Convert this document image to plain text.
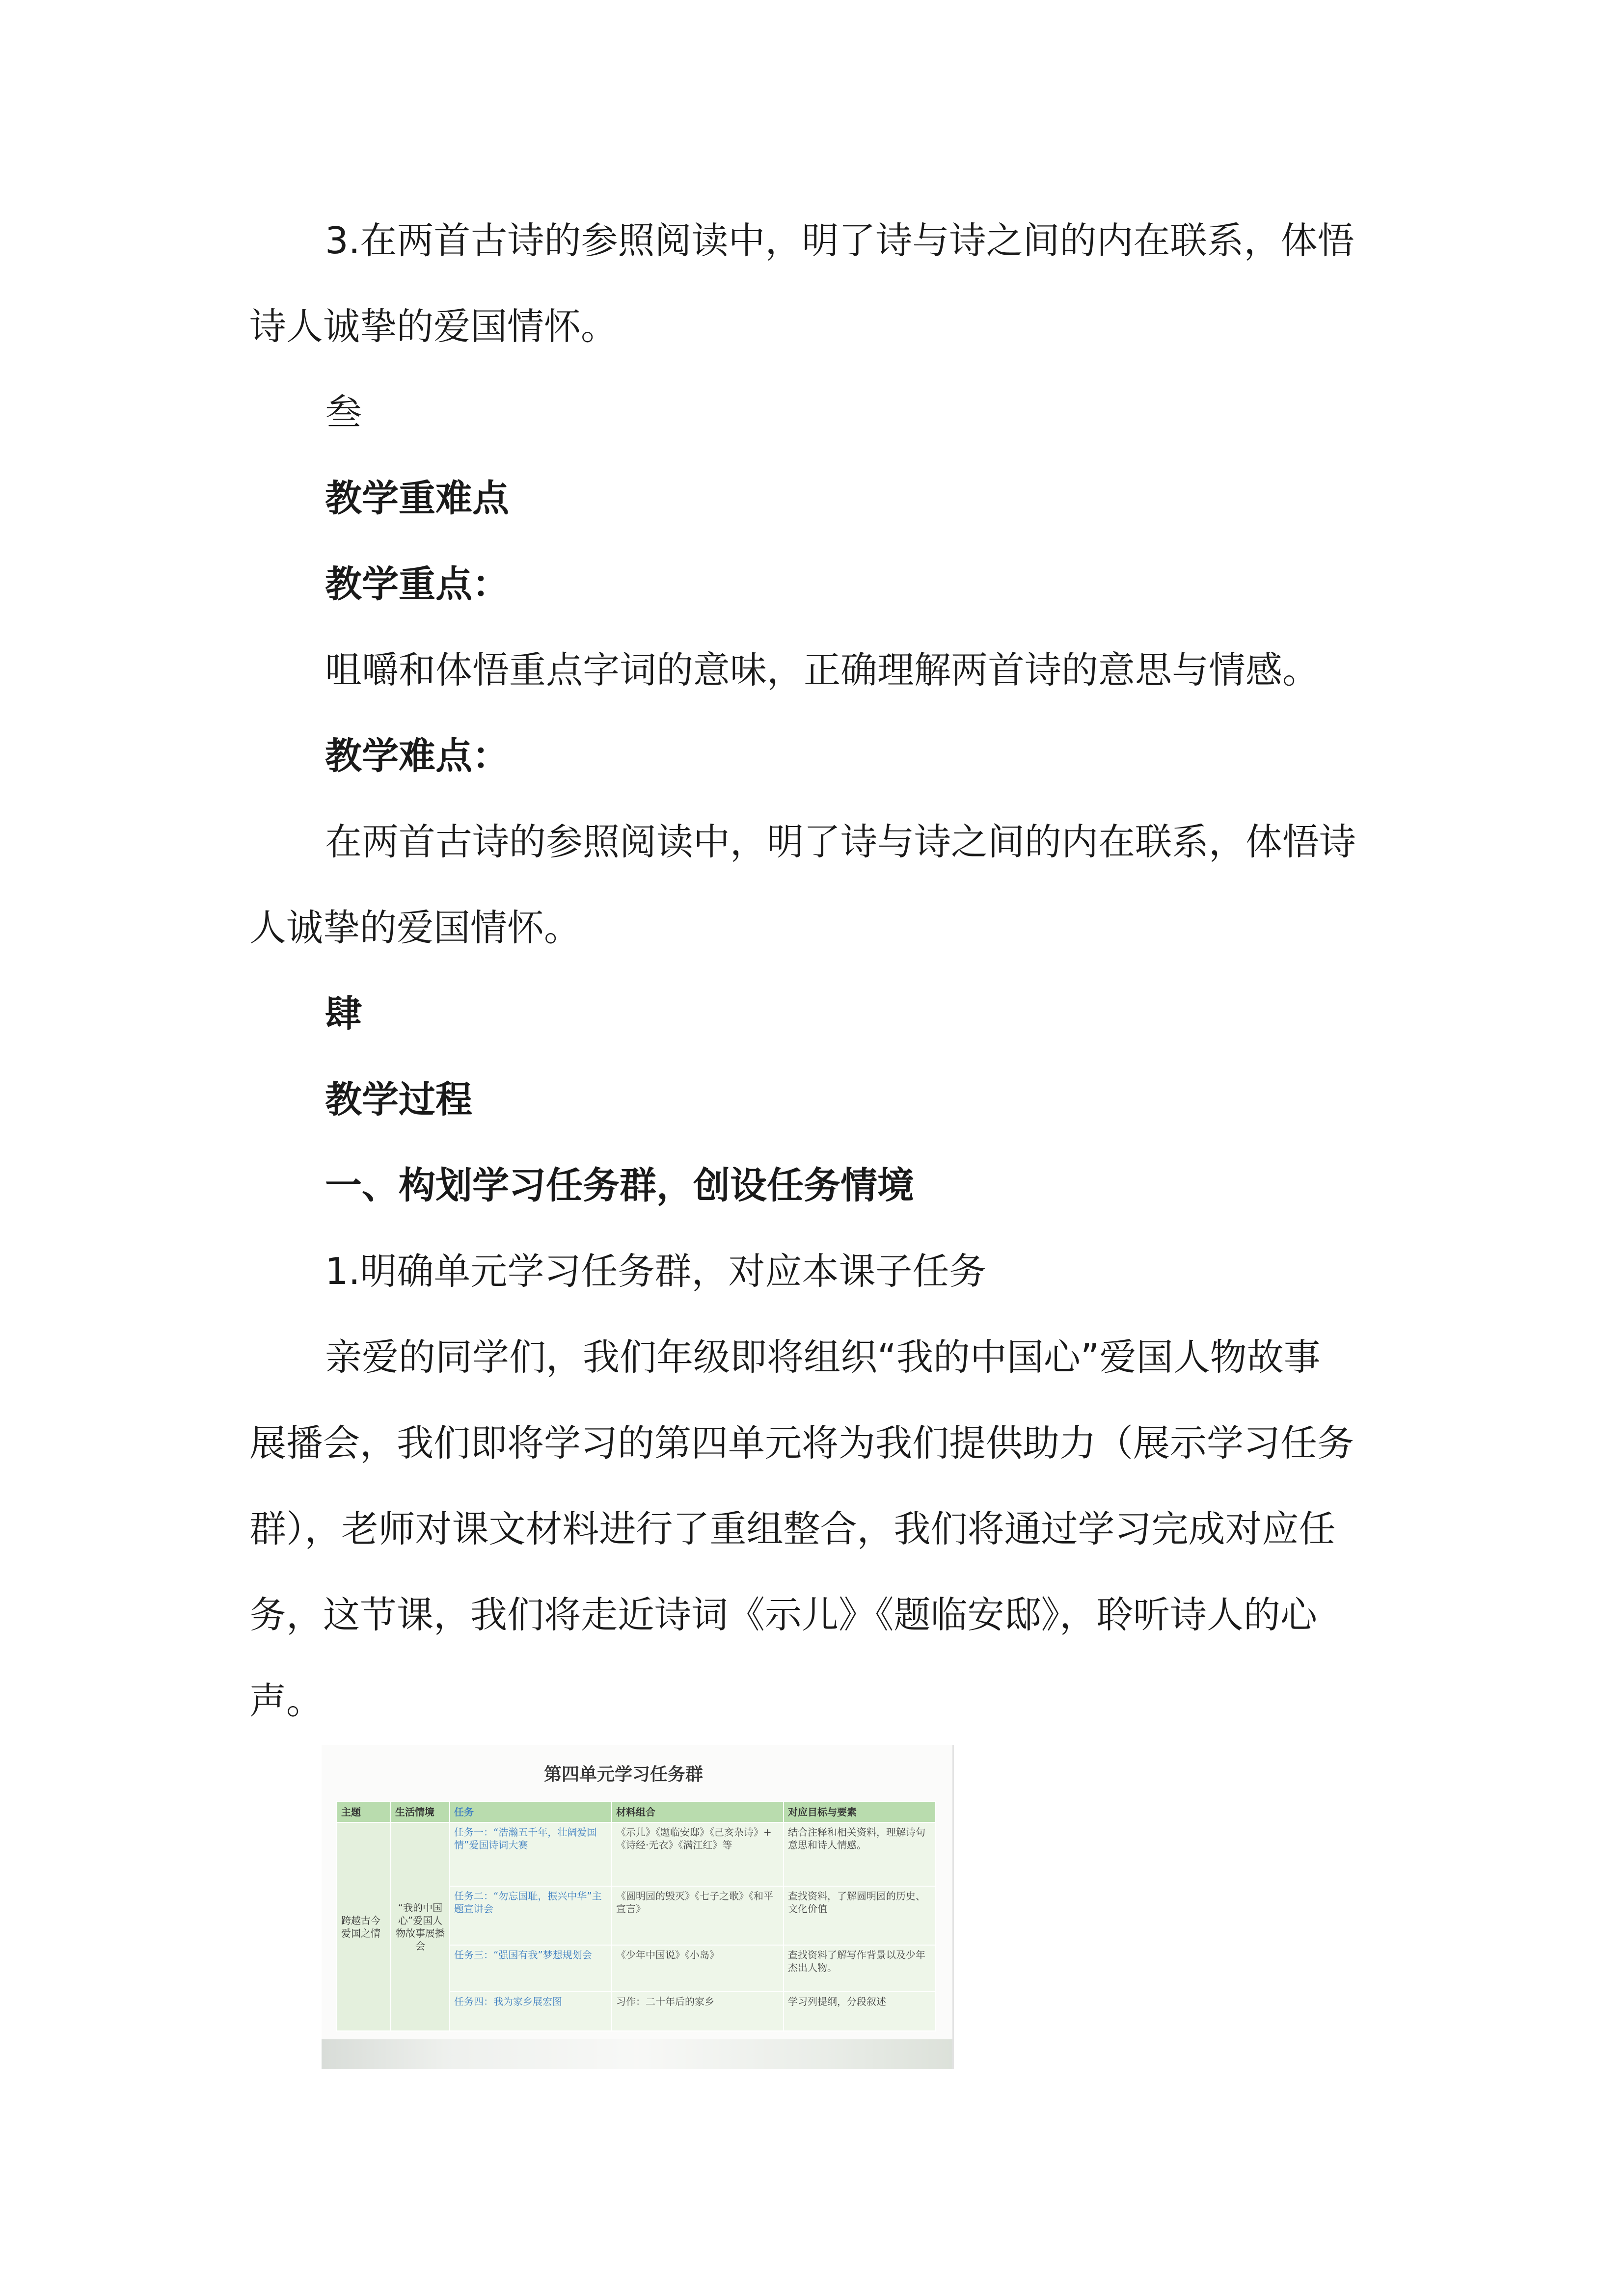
3.在两首古诗的参照阅读中，明了诗与诗之间的内在联系，体悟
诗人诚挚的爱国情怀。
叁
教学重难点
教学重点：
咀嚼和体悟重点字词的意味，正确理解两首诗的意思与情感。
教学难点：
在两首古诗的参照阅读中，明了诗与诗之间的内在联系，体悟诗
人诚挚的爱国情怀。
肆
教学过程
一、构划学习任务群，创设任务情境
1.明确单元学习任务群，对应本课子任务
亲爱的同学们，我们年级即将组织“我的中国心”爱国人物故事
展播会，我们即将学习的第四单元将为我们提供助力（展示学习任务
群），老师对课文材料进行了重组整合，我们将通过学习完成对应任
务，这节课，我们将走近诗词《示儿》《题临安邸》，聆听诗人的心
声。
第四单元学习任务群
主题	生活情境	任务	材料组合	对应目标与要素
跨越古今爱国之情	“我的中国心”爱国人物故事展播会	任务一：“浩瀚五千年，壮阔爱国情”爱国诗词大赛	《示儿》《题临安邸》《己亥杂诗》+《诗经·无衣》《满江红》等	结合注释和相关资料，理解诗句意思和诗人情感。
		任务二：“勿忘国耻，振兴中华”主题宣讲会	《圆明园的毁灭》《七子之歌》《和平宣言》	查找资料，了解圆明园的历史、文化价值
		任务三：“强国有我”梦想规划会	《少年中国说》《小岛》	查找资料了解写作背景以及少年杰出人物。
		任务四：我为家乡展宏图	习作：二十年后的家乡	学习列提纲，分段叙述
